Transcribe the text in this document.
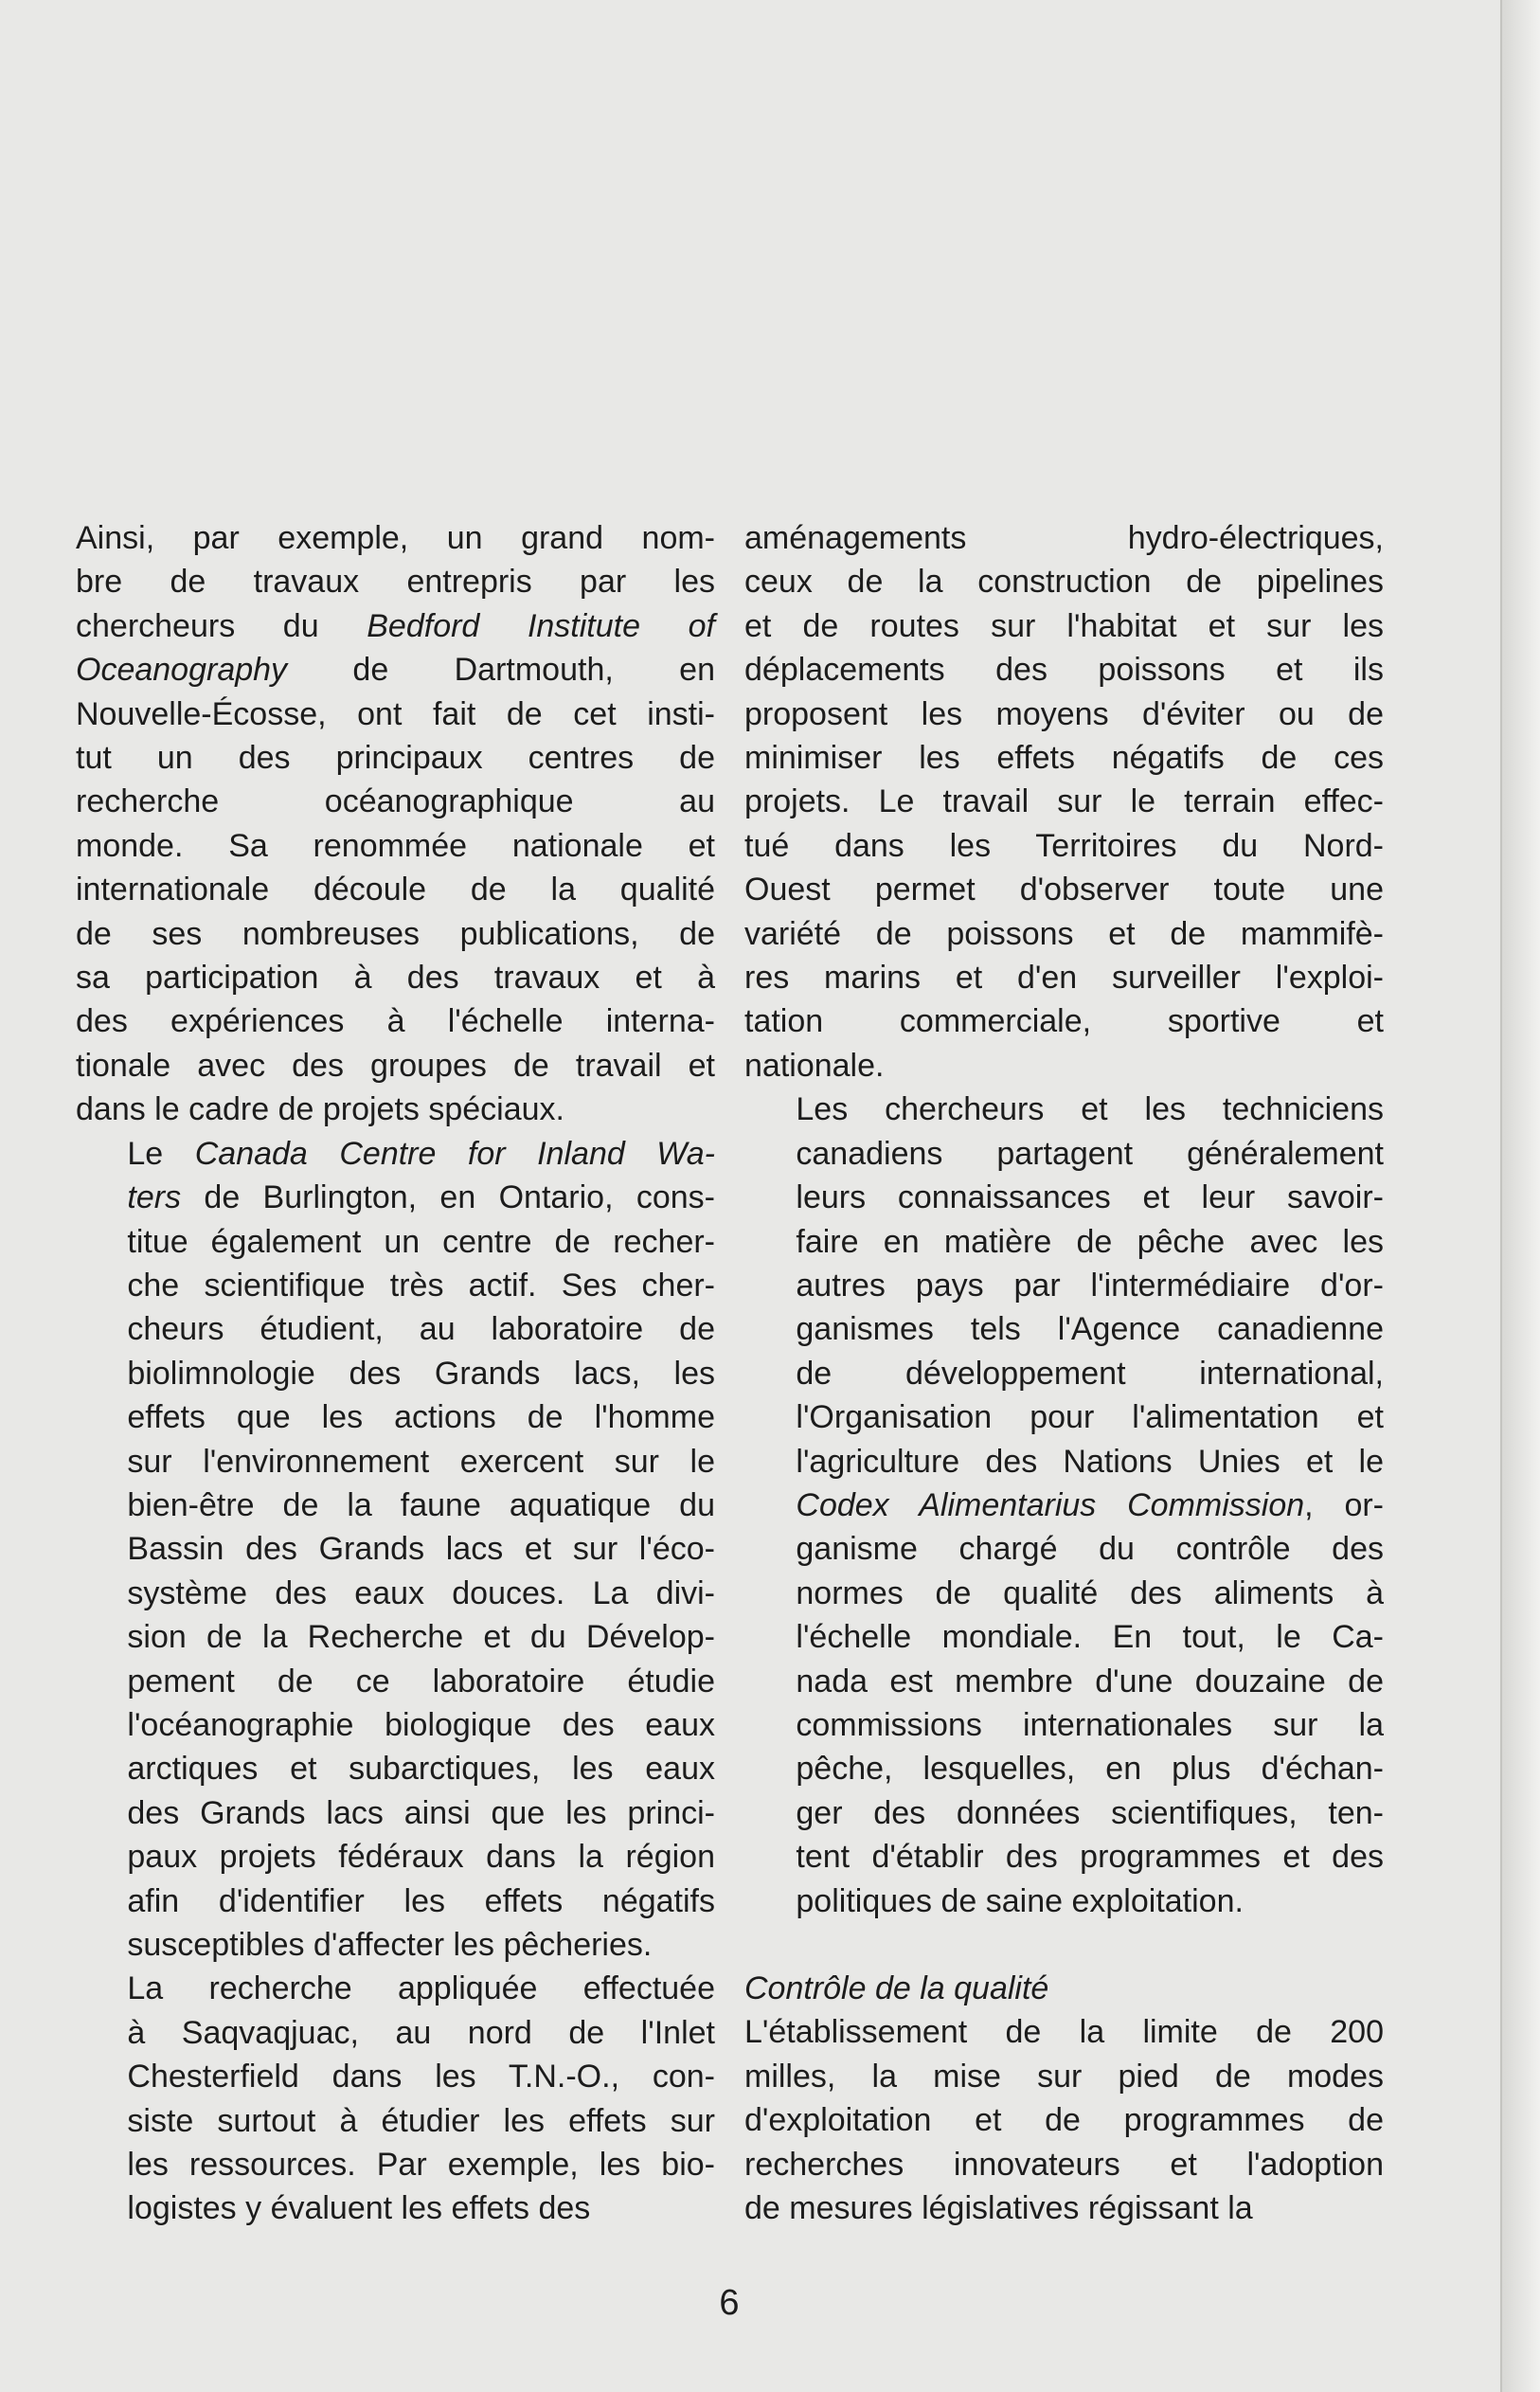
Ainsi, par exemple, un grand nom-
bre de travaux entrepris par les
chercheurs du Bedford Institute of
Oceanography de Dartmouth, en
Nouvelle-Écosse, ont fait de cet insti-
tut un des principaux centres de
recherche océanographique au
monde. Sa renommée nationale et
internationale découle de la qualité
de ses nombreuses publications, de
sa participation à des travaux et à
des expériences à l'échelle interna-
tionale avec des groupes de travail et
dans le cadre de projets spéciaux.

Le Canada Centre for Inland Wa-
ters de Burlington, en Ontario, cons-
titue également un centre de recher-
che scientifique très actif. Ses cher-
cheurs étudient, au laboratoire de
biolimnologie des Grands lacs, les
effets que les actions de l'homme
sur l'environnement exercent sur le
bien-être de la faune aquatique du
Bassin des Grands lacs et sur l'éco-
système des eaux douces. La divi-
sion de la Recherche et du Dévelop-
pement de ce laboratoire étudie
l'océanographie biologique des eaux
arctiques et subarctiques, les eaux
des Grands lacs ainsi que les princi-
paux projets fédéraux dans la région
afin d'identifier les effets négatifs
susceptibles d'affecter les pêcheries.

La recherche appliquée effectuée
à Saqvaqjuac, au nord de l'Inlet
Chesterfield dans les T.N.-O., con-
siste surtout à étudier les effets sur
les ressources. Par exemple, les bio-
logistes y évaluent les effets des

aménagements hydro-électriques,
ceux de la construction de pipelines
et de routes sur l'habitat et sur les
déplacements des poissons et ils
proposent les moyens d'éviter ou de
minimiser les effets négatifs de ces
projets. Le travail sur le terrain effec-
tué dans les Territoires du Nord-
Ouest permet d'observer toute une
variété de poissons et de mammifè-
res marins et d'en surveiller l'exploi-
tation commerciale, sportive et
nationale.

Les chercheurs et les techniciens
canadiens partagent généralement
leurs connaissances et leur savoir-
faire en matière de pêche avec les
autres pays par l'intermédiaire d'or-
ganismes tels l'Agence canadienne
de développement international,
l'Organisation pour l'alimentation et
l'agriculture des Nations Unies et le
Codex Alimentarius Commission, or-
ganisme chargé du contrôle des
normes de qualité des aliments à
l'échelle mondiale. En tout, le Ca-
nada est membre d'une douzaine de
commissions internationales sur la
pêche, lesquelles, en plus d'échan-
ger des données scientifiques, ten-
tent d'établir des programmes et des
politiques de saine exploitation.

Contrôle de la qualité

L'établissement de la limite de 200
milles, la mise sur pied de modes
d'exploitation et de programmes de
recherches innovateurs et l'adoption
de mesures législatives régissant la

6
